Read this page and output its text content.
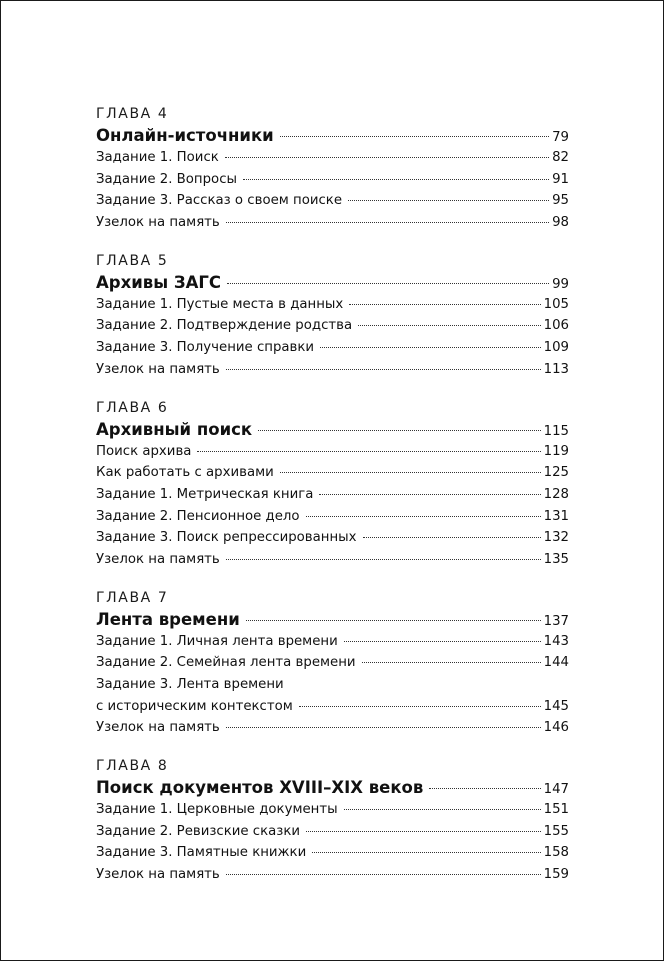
ГЛАВА 4
Онлайн-источники	79
Задание 1. Поиск	82
Задание 2. Вопросы	91
Задание 3. Рассказ о своем поиске	95
Узелок на память	98
ГЛАВА 5
Архивы ЗАГС	99
Задание 1. Пустые места в данных	105
Задание 2. Подтверждение родства	106
Задание 3. Получение справки	109
Узелок на память	113
ГЛАВА 6
Архивный поиск	115
Поиск архива	119
Как работать с архивами	125
Задание 1. Метрическая книга	128
Задание 2. Пенсионное дело	131
Задание 3. Поиск репрессированных	132
Узелок на память	135
ГЛАВА 7
Лента времени	137
Задание 1. Личная лента времени	143
Задание 2. Семейная лента времени	144
Задание 3. Лента времени
с историческим контекстом	145
Узелок на память	146
ГЛАВА 8
Поиск документов XVIII–XIX веков	147
Задание 1. Церковные документы	151
Задание 2. Ревизские сказки	155
Задание 3. Памятные книжки	158
Узелок на память	159
